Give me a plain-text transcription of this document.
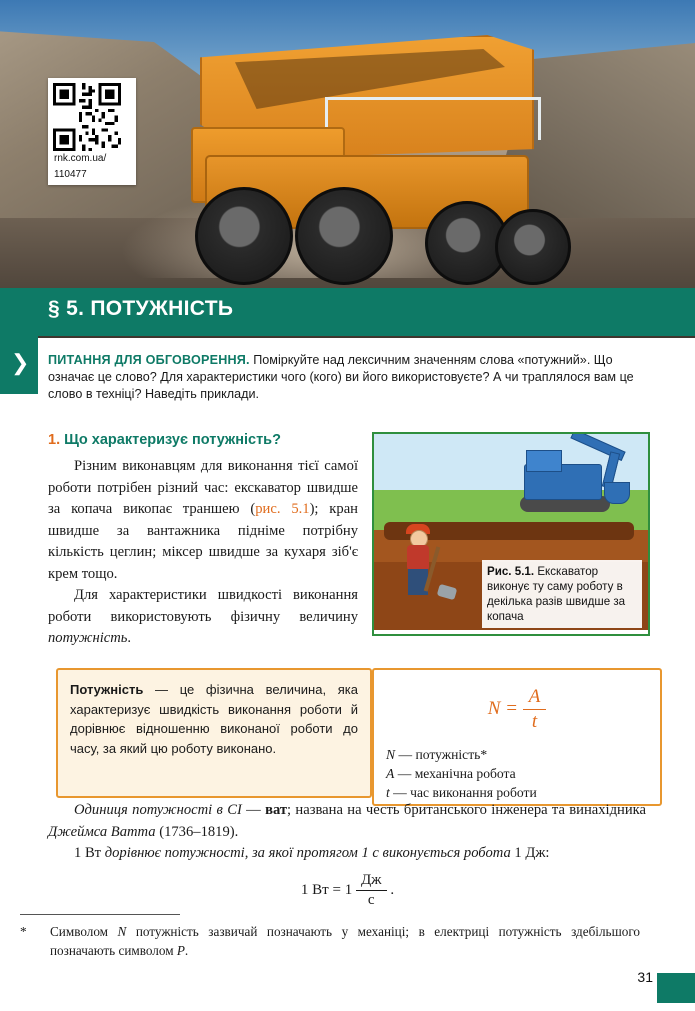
rnk.com.ua/
110477
§ 5. ПОТУЖНІСТЬ
❯ ПИТАННЯ ДЛЯ ОБГОВОРЕННЯ. Поміркуйте над лексичним значенням слова «потужний». Що означає це слово? Для характеристики чого (кого) ви його використовуєте? А чи траплялося вам це слово в техніці? Наведіть приклади.
1. Що характеризує потужність?

Різним виконавцям для виконання тієї самої роботи потрібен різний час: екскаватор швидше за копача викопає траншею (рис. 5.1); кран швидше за вантажника підніме потрібну кількість цеглин; міксер швидше за кухаря зіб'є крем тощо.

Для характеристики швидкості виконання роботи використовують фізичну величину потужність.

Рис. 5.1. Екскаватор виконує ту саму роботу в декілька разів швидше за копача
Потужність — це фізична величина, яка характеризує швидкість виконання роботи й дорівнює відношенню виконаної роботи до часу, за який цю роботу виконано.
$N = \frac{A}{t}$
N — потужність*
A — механічна робота
t — час виконання роботи

Одиниця потужності в СІ — ват; названа на честь британського інженера та винахідника Джеймса Ватта (1736–1819).

1 Вт дорівнює потужності, за якої протягом 1 с виконується робота 1 Дж:

1 Вт = 1
Дж
с
.
* Символом N потужність зазвичай позначають у механіці; в електриці потужність здебільшого позначають символом P.
31
